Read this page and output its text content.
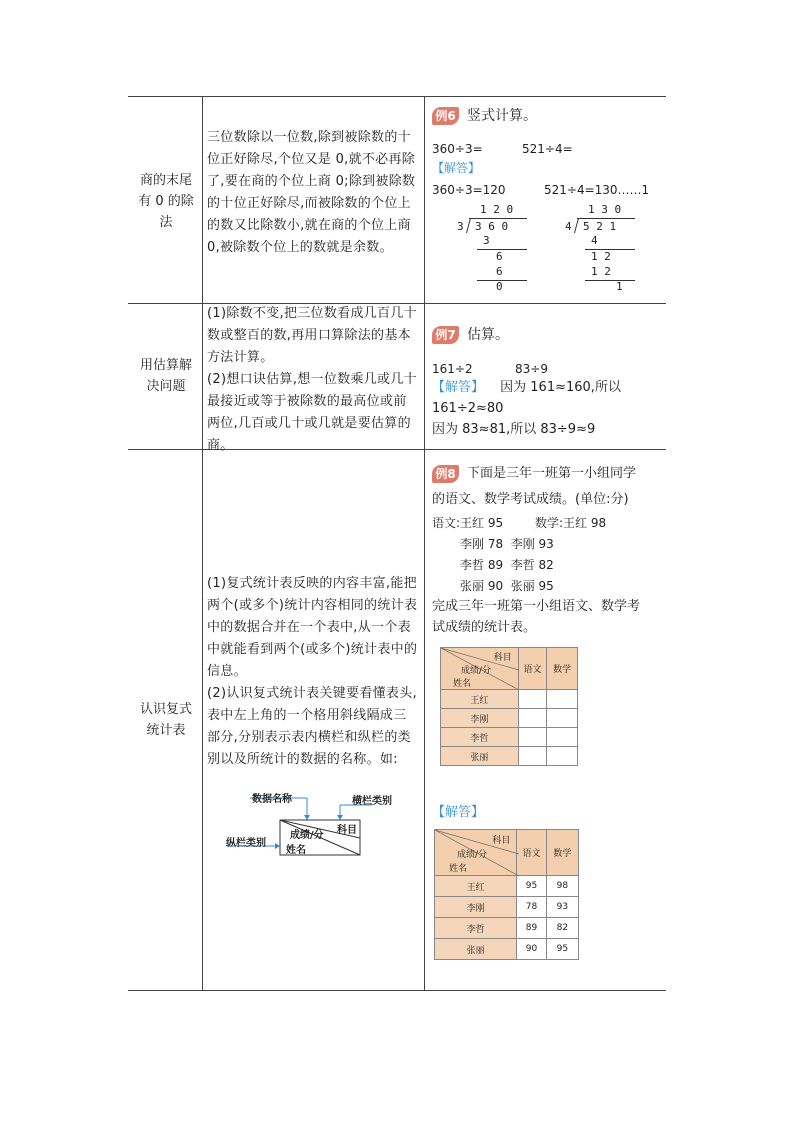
商的末尾
有 0 的除
法
三位数除以一位数,除到被除数的十位正好除尽,个位又是 0,就不必再除了,要在商的个位上商 0;除到被除数的十位正好除尽,而被除数的个位上的数又比除数小,就在商的个位上商 0,被除数个位上的数就是余数。
例6 竖式计算。
360÷3=	521÷4=
【解答】
360÷3=120	521÷4=130……1
1 2 0
3 3 6 0
3
6
6
0
1 3 0
4 5 2 1
4
1 2
1 2
1
用估算解
决问题
(1)除数不变,把三位数看成几百几十数或整百的数,再用口算除法的基本方法计算。
(2)想口诀估算,想一位数乘几或几十最接近或等于被除数的最高位或前两位,几百或几十或几就是要估算的商。
例7 估算。
161÷2	83÷9
【解答】 因为 161≈160,所以
161÷2≈80
因为 83≈81,所以 83÷9≈9
认识复式
统计表
(1)复式统计表反映的内容丰富,能把两个(或多个)统计内容相同的统计表中的数据合并在一个表中,从一个表中就能看到两个(或多个)统计表中的信息。
(2)认识复式统计表关键要看懂表头,表中左上角的一个格用斜线隔成三部分,分别表示表内横栏和纵栏的类别以及所统计的数据的名称。如:
数据名称	横栏类别
纵栏类别
科目
成绩/分
姓名
例8 下面是三年一班第一小组同学
的语文、数学考试成绩。(单位:分)
语文:王红 95	数学:王红 98
李刚 78 李刚 93
李哲 89 李哲 82
张丽 90 张丽 95
完成三年一班第一小组语文、数学考
试成绩的统计表。
科目
成绩/分
姓名	语文	数学
王红		
李刚		
李哲		
张丽		
【解答】
科目
成绩/分
姓名	语文	数学
王红	95	98
李刚	78	93
李哲	89	82
张丽	90	95
